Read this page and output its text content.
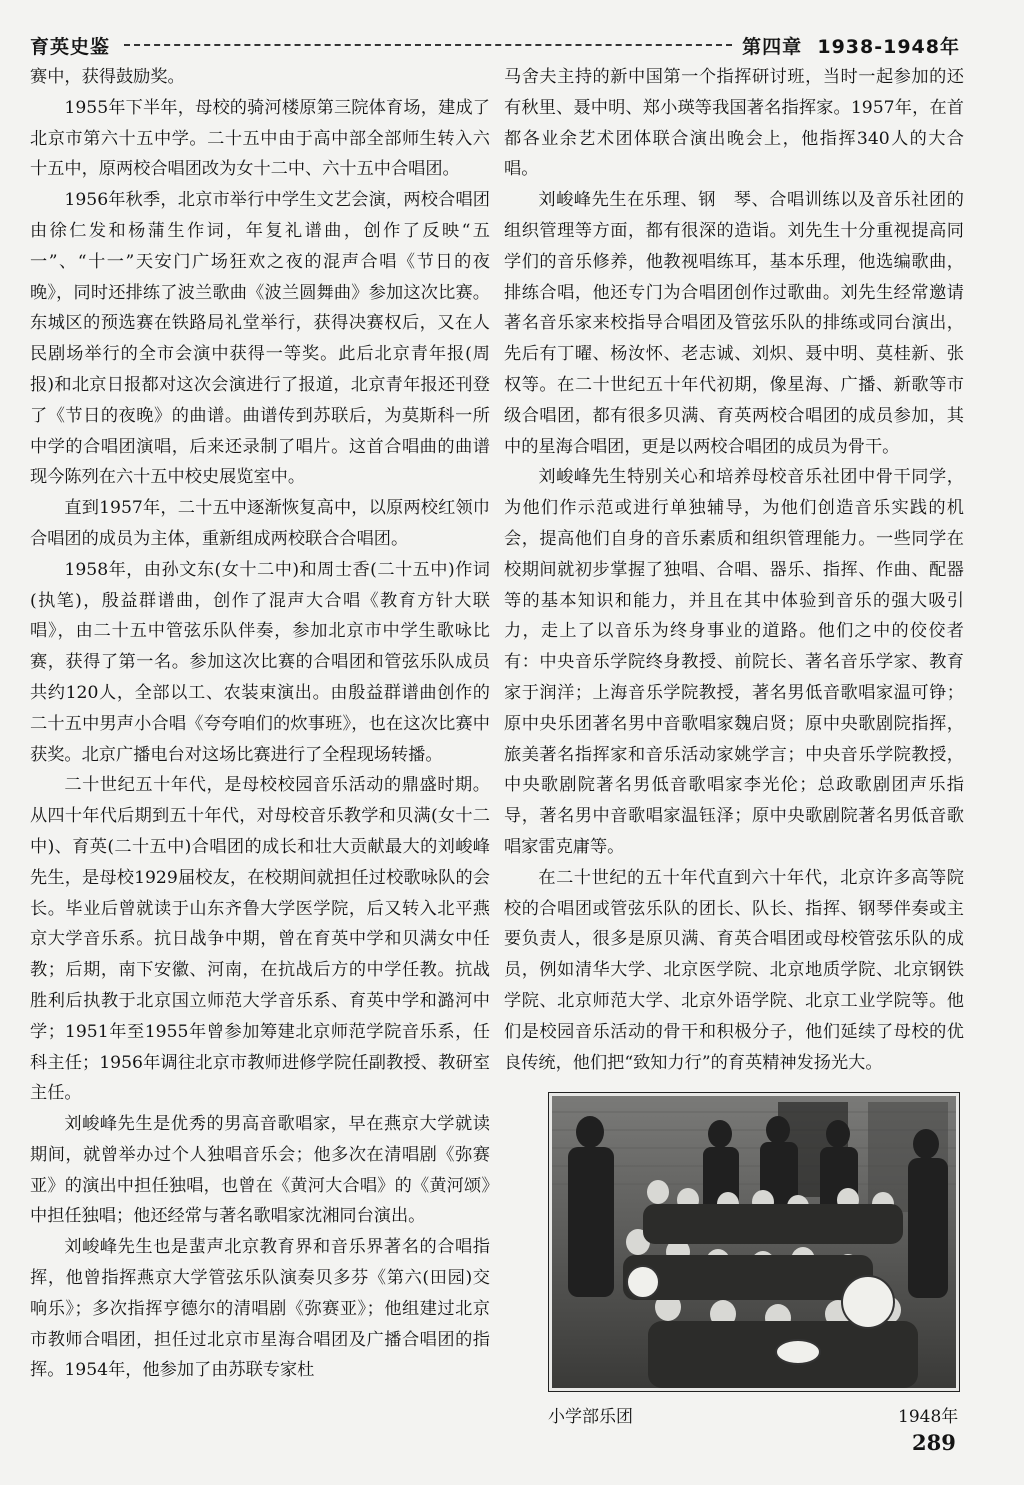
育英史鉴	第四章 1938-1948年

赛中，获得鼓励奖。

1955年下半年，母校的骑河楼原第三院体育场，建成了北京市第六十五中学。二十五中由于高中部全部师生转入六十五中，原两校合唱团改为女十二中、六十五中合唱团。

1956年秋季，北京市举行中学生文艺会演，两校合唱团由徐仁发和杨蒲生作词，年复礼谱曲，创作了反映“五一”、“十一”天安门广场狂欢之夜的混声合唱《节日的夜晚》，同时还排练了波兰歌曲《波兰圆舞曲》参加这次比赛。东城区的预选赛在铁路局礼堂举行，获得决赛权后，又在人民剧场举行的全市会演中获得一等奖。此后北京青年报(周报)和北京日报都对这次会演进行了报道，北京青年报还刊登了《节日的夜晚》的曲谱。曲谱传到苏联后，为莫斯科一所中学的合唱团演唱，后来还录制了唱片。这首合唱曲的曲谱现今陈列在六十五中校史展览室中。

直到1957年，二十五中逐渐恢复高中，以原两校红领巾合唱团的成员为主体，重新组成两校联合合唱团。

1958年，由孙文东(女十二中)和周士香(二十五中)作词(执笔)，殷益群谱曲，创作了混声大合唱《教育方针大联唱》，由二十五中管弦乐队伴奏，参加北京市中学生歌咏比赛，获得了第一名。参加这次比赛的合唱团和管弦乐队成员共约120人，全部以工、农装束演出。由殷益群谱曲创作的二十五中男声小合唱《夸夸咱们的炊事班》，也在这次比赛中获奖。北京广播电台对这场比赛进行了全程现场转播。

二十世纪五十年代，是母校校园音乐活动的鼎盛时期。从四十年代后期到五十年代，对母校音乐教学和贝满(女十二中)、育英(二十五中)合唱团的成长和壮大贡献最大的刘峻峰先生，是母校1929届校友，在校期间就担任过校歌咏队的会长。毕业后曾就读于山东齐鲁大学医学院，后又转入北平燕京大学音乐系。抗日战争中期，曾在育英中学和贝满女中任教；后期，南下安徽、河南，在抗战后方的中学任教。抗战胜利后执教于北京国立师范大学音乐系、育英中学和潞河中学；1951年至1955年曾参加筹建北京师范学院音乐系，任科主任；1956年调往北京市教师进修学院任副教授、教研室主任。

刘峻峰先生是优秀的男高音歌唱家，早在燕京大学就读期间，就曾举办过个人独唱音乐会；他多次在清唱剧《弥赛亚》的演出中担任独唱，也曾在《黄河大合唱》的《黄河颂》中担任独唱；他还经常与著名歌唱家沈湘同台演出。

刘峻峰先生也是蜚声北京教育界和音乐界著名的合唱指挥，他曾指挥燕京大学管弦乐队演奏贝多芬《第六(田园)交响乐》；多次指挥亨德尔的清唱剧《弥赛亚》；他组建过北京市教师合唱团，担任过北京市星海合唱团及广播合唱团的指挥。1954年，他参加了由苏联专家杜

马舍夫主持的新中国第一个指挥研讨班，当时一起参加的还有秋里、聂中明、郑小瑛等我国著名指挥家。1957年，在首都各业余艺术团体联合演出晚会上，他指挥340人的大合唱。

刘峻峰先生在乐理、钢　琴、合唱训练以及音乐社团的组织管理等方面，都有很深的造诣。刘先生十分重视提高同学们的音乐修养，他教视唱练耳，基本乐理，他选编歌曲，排练合唱，他还专门为合唱团创作过歌曲。刘先生经常邀请著名音乐家来校指导合唱团及管弦乐队的排练或同台演出，先后有丁曜、杨汝怀、老志诚、刘炽、聂中明、莫桂新、张权等。在二十世纪五十年代初期，像星海、广播、新歌等市级合唱团，都有很多贝满、育英两校合唱团的成员参加，其中的星海合唱团，更是以两校合唱团的成员为骨干。

刘峻峰先生特别关心和培养母校音乐社团中骨干同学，为他们作示范或进行单独辅导，为他们创造音乐实践的机会，提高他们自身的音乐素质和组织管理能力。一些同学在校期间就初步掌握了独唱、合唱、器乐、指挥、作曲、配器等的基本知识和能力，并且在其中体验到音乐的强大吸引力，走上了以音乐为终身事业的道路。他们之中的佼佼者有：中央音乐学院终身教授、前院长、著名音乐学家、教育家于润洋；上海音乐学院教授，著名男低音歌唱家温可铮；原中央乐团著名男中音歌唱家魏启贤；原中央歌剧院指挥，旅美著名指挥家和音乐活动家姚学言；中央音乐学院教授，中央歌剧院著名男低音歌唱家李光伦；总政歌剧团声乐指导，著名男中音歌唱家温钰泽；原中央歌剧院著名男低音歌唱家雷克庸等。

在二十世纪的五十年代直到六十年代，北京许多高等院校的合唱团或管弦乐队的团长、队长、指挥、钢琴伴奏或主要负责人，很多是原贝满、育英合唱团或母校管弦乐队的成员，例如清华大学、北京医学院、北京地质学院、北京钢铁学院、北京师范大学、北京外语学院、北京工业学院等。他们是校园音乐活动的骨干和积极分子，他们延续了母校的优良传统，他们把“致知力行”的育英精神发扬光大。

小学部乐团	1948年
289
